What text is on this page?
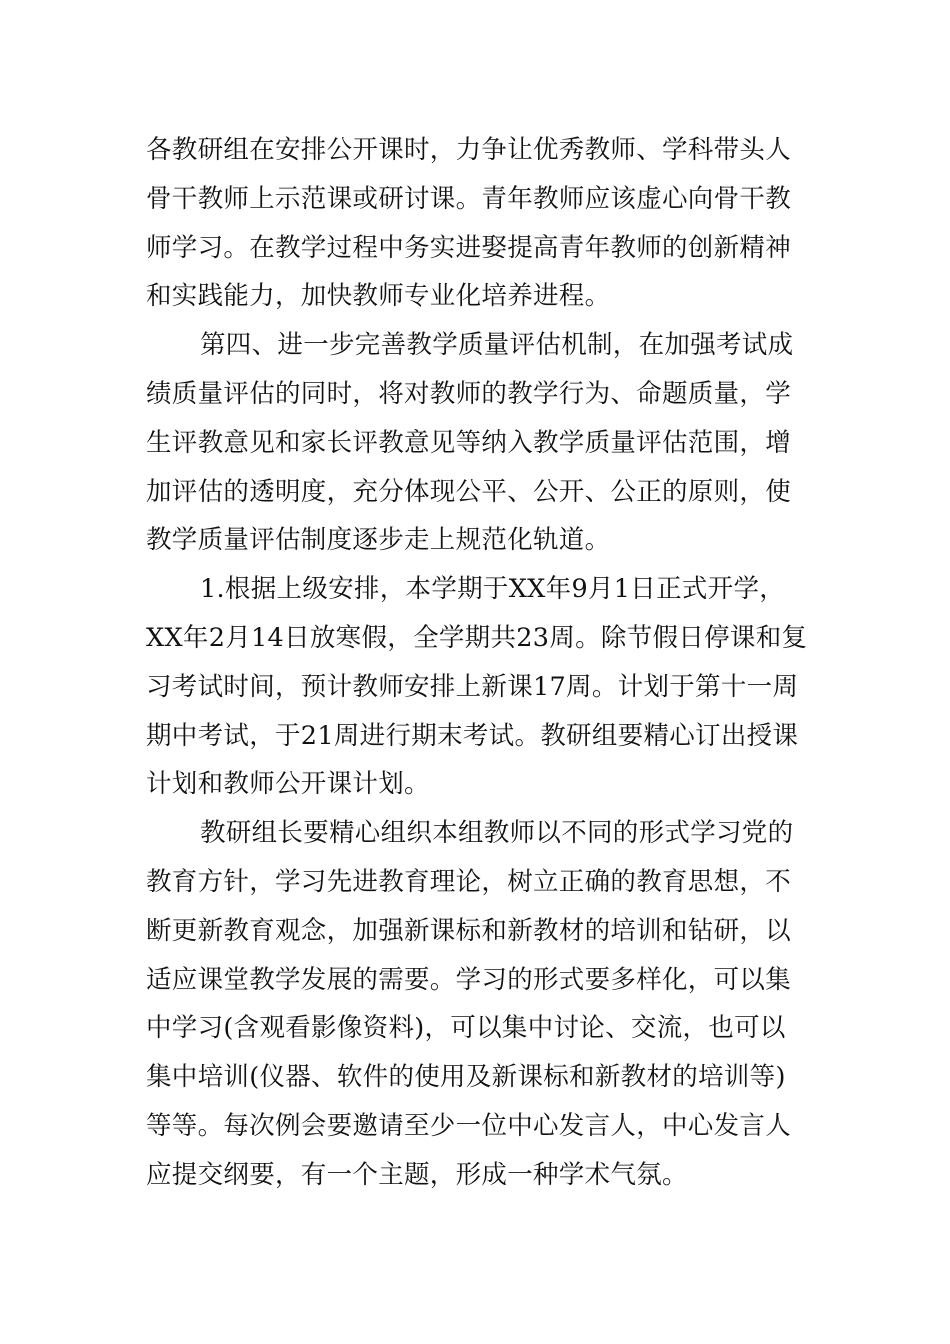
各教研组在安排公开课时，力争让优秀教师、学科带头人
骨干教师上示范课或研讨课。青年教师应该虚心向骨干教
师学习。在教学过程中务实进娶提高青年教师的创新精神
和实践能力，加快教师专业化培养进程。
第四、进一步完善教学质量评估机制，在加强考试成
绩质量评估的同时，将对教师的教学行为、命题质量，学
生评教意见和家长评教意见等纳入教学质量评估范围，增
加评估的透明度，充分体现公平、公开、公正的原则，使
教学质量评估制度逐步走上规范化轨道。
1.根据上级安排，本学期于XX年9月1日正式开学，
XX年2月14日放寒假，全学期共23周。除节假日停课和复
习考试时间，预计教师安排上新课17周。计划于第十一周
期中考试，于21周进行期末考试。教研组要精心订出授课
计划和教师公开课计划。
教研组长要精心组织本组教师以不同的形式学习党的
教育方针，学习先进教育理论，树立正确的教育思想，不
断更新教育观念，加强新课标和新教材的培训和钻研，以
适应课堂教学发展的需要。学习的形式要多样化，可以集
中学习(含观看影像资料)，可以集中讨论、交流，也可以
集中培训(仪器、软件的使用及新课标和新教材的培训等)
等等。每次例会要邀请至少一位中心发言人，中心发言人
应提交纲要，有一个主题，形成一种学术气氛。
